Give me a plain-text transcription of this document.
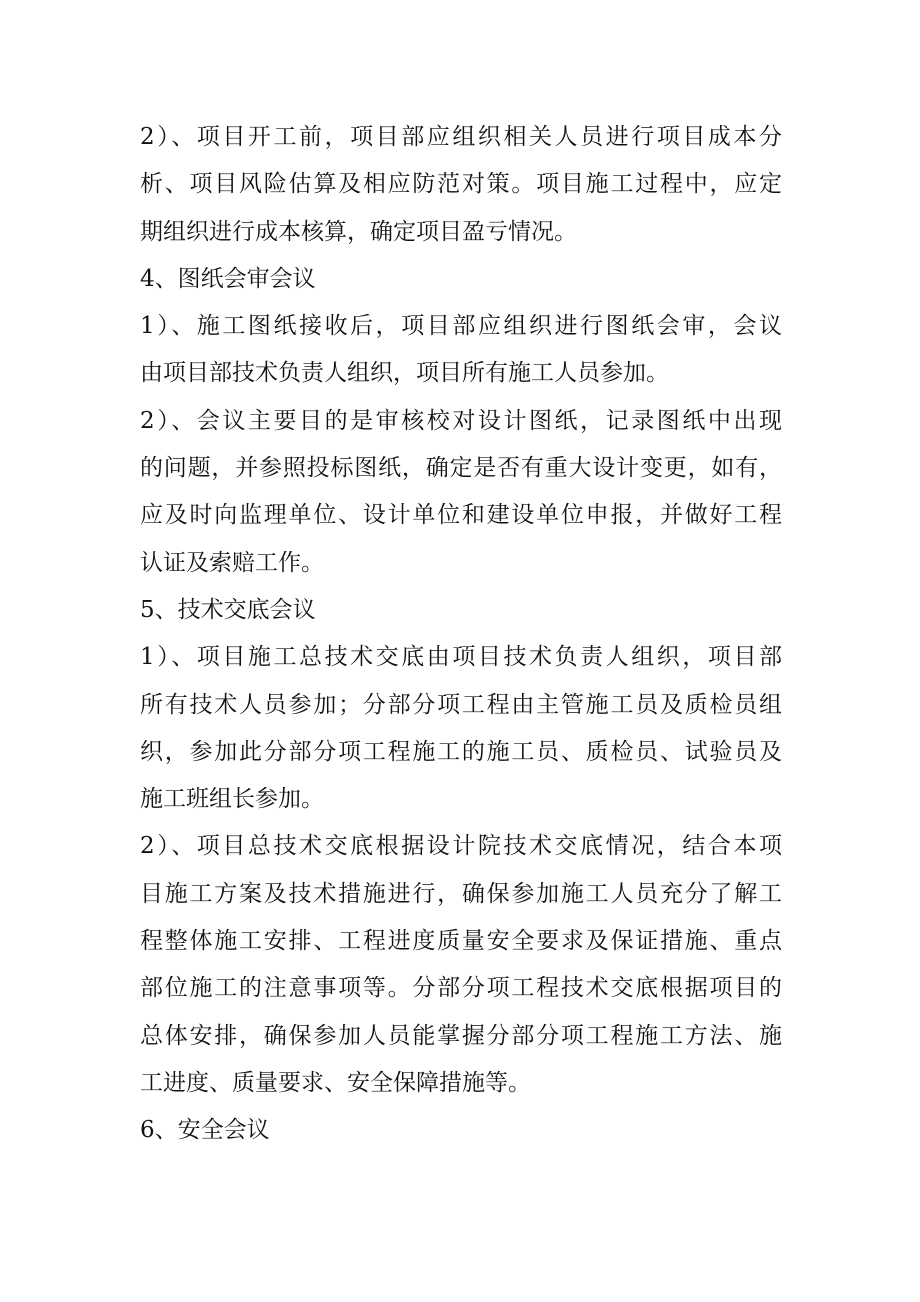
2）、项目开工前，项目部应组织相关人员进行项目成本分
析、项目风险估算及相应防范对策。项目施工过程中，应定
期组织进行成本核算，确定项目盈亏情况。
4、图纸会审会议
1）、施工图纸接收后，项目部应组织进行图纸会审，会议
由项目部技术负责人组织，项目所有施工人员参加。
2）、会议主要目的是审核校对设计图纸，记录图纸中出现
的问题，并参照投标图纸，确定是否有重大设计变更，如有，
应及时向监理单位、设计单位和建设单位申报，并做好工程
认证及索赔工作。
5、技术交底会议
1）、项目施工总技术交底由项目技术负责人组织，项目部
所有技术人员参加；分部分项工程由主管施工员及质检员组
织，参加此分部分项工程施工的施工员、质检员、试验员及
施工班组长参加。
2）、项目总技术交底根据设计院技术交底情况，结合本项
目施工方案及技术措施进行，确保参加施工人员充分了解工
程整体施工安排、工程进度质量安全要求及保证措施、重点
部位施工的注意事项等。分部分项工程技术交底根据项目的
总体安排，确保参加人员能掌握分部分项工程施工方法、施
工进度、质量要求、安全保障措施等。
6、安全会议
